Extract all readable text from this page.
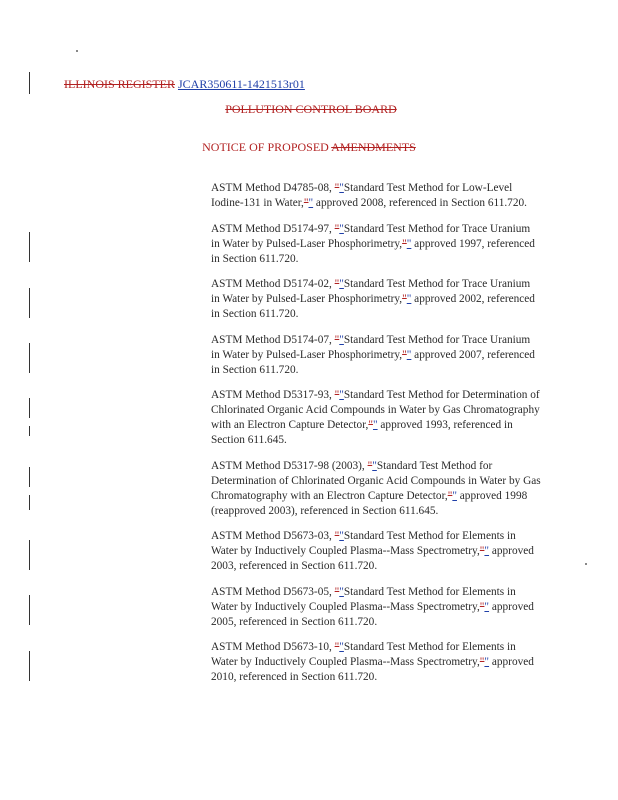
ILLINOIS REGISTER JCAR350611-1421513r01
POLLUTION CONTROL BOARD
NOTICE OF PROPOSED AMENDMENTS

ASTM Method D4785-08, ""Standard Test Method for Low-Level Iodine-131 in Water,"" approved 2008, referenced in Section 611.720.

ASTM Method D5174-97, ""Standard Test Method for Trace Uranium in Water by Pulsed-Laser Phosphorimetry,"" approved 1997, referenced in Section 611.720.

ASTM Method D5174-02, ""Standard Test Method for Trace Uranium in Water by Pulsed-Laser Phosphorimetry,"" approved 2002, referenced in Section 611.720.

ASTM Method D5174-07, ""Standard Test Method for Trace Uranium in Water by Pulsed-Laser Phosphorimetry,"" approved 2007, referenced in Section 611.720.

ASTM Method D5317-93, ""Standard Test Method for Determination of Chlorinated Organic Acid Compounds in Water by Gas Chromatography with an Electron Capture Detector,"" approved 1993, referenced in Section 611.645.

ASTM Method D5317-98 (2003), ""Standard Test Method for Determination of Chlorinated Organic Acid Compounds in Water by Gas Chromatography with an Electron Capture Detector,"" approved 1998 (reapproved 2003), referenced in Section 611.645.

ASTM Method D5673-03, ""Standard Test Method for Elements in Water by Inductively Coupled Plasma--Mass Spectrometry,"" approved 2003, referenced in Section 611.720.

ASTM Method D5673-05, ""Standard Test Method for Elements in Water by Inductively Coupled Plasma--Mass Spectrometry,"" approved 2005, referenced in Section 611.720.

ASTM Method D5673-10, ""Standard Test Method for Elements in Water by Inductively Coupled Plasma--Mass Spectrometry,"" approved 2010, referenced in Section 611.720.
